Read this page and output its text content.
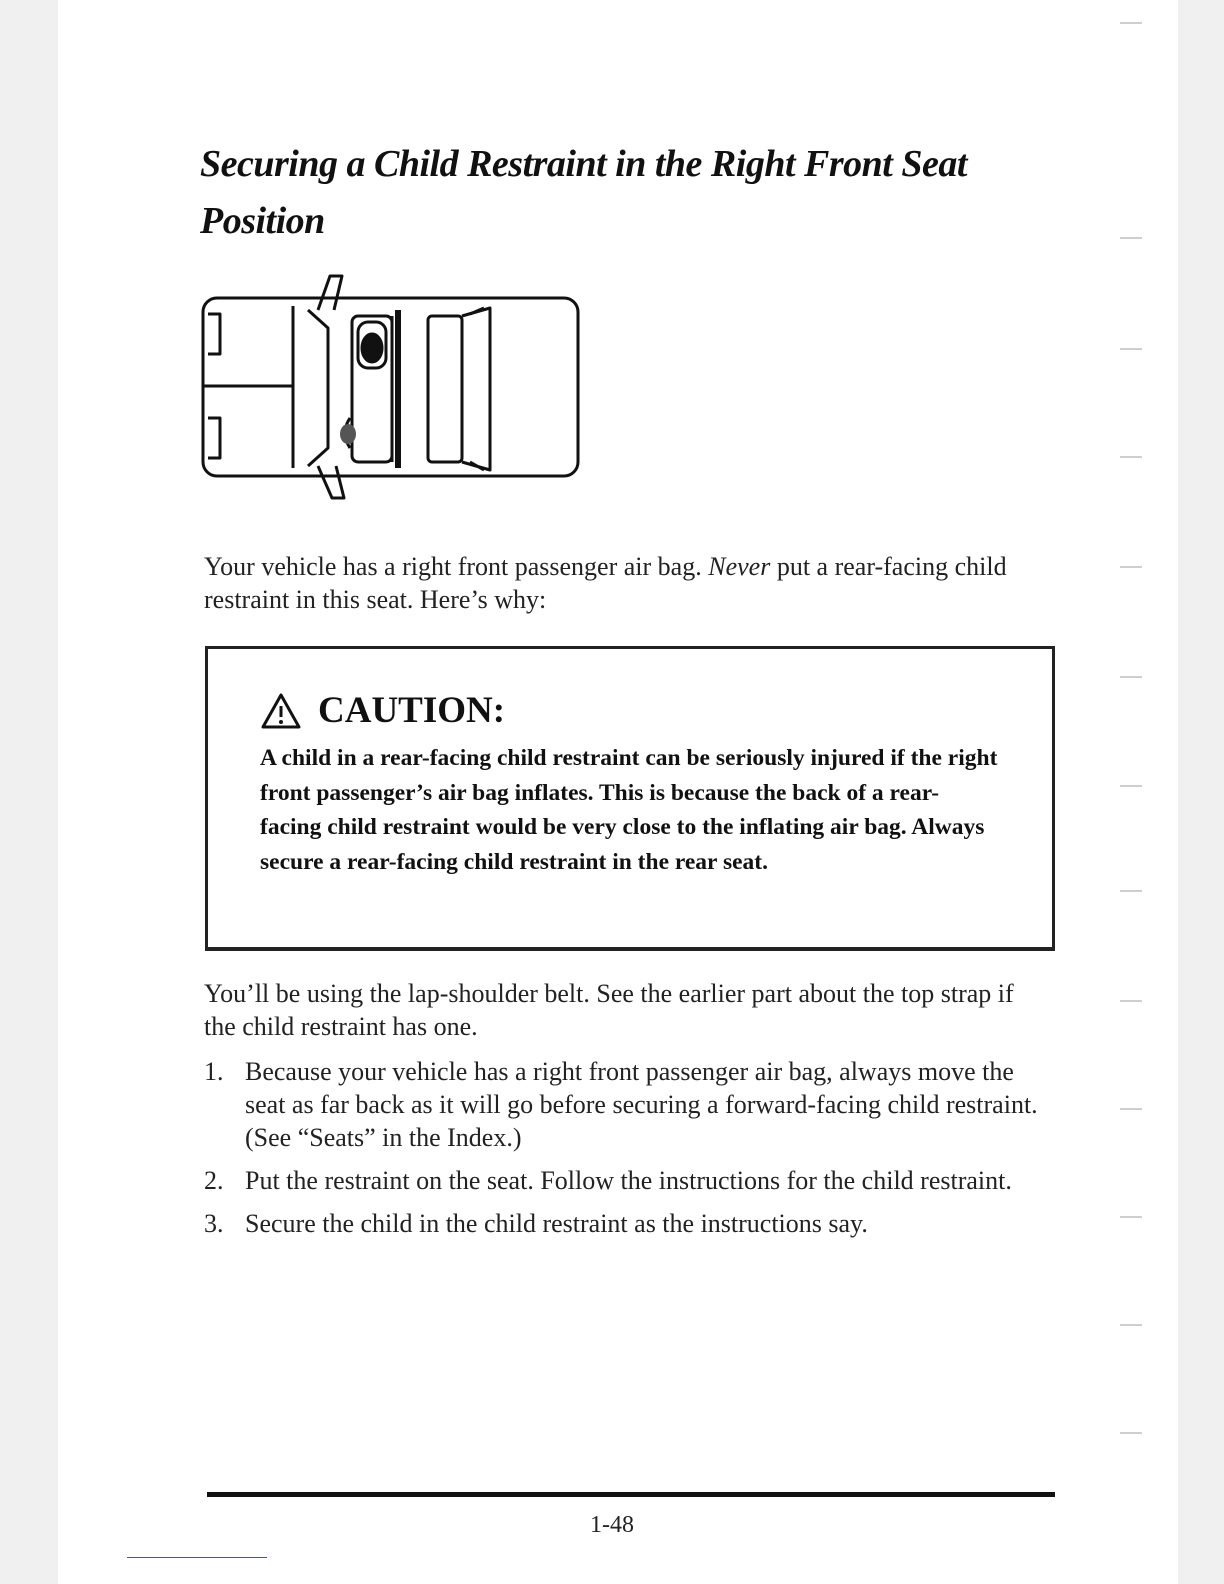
Securing a Child Restraint in the Right Front Seat Position

Your vehicle has a right front passenger air bag. Never put a rear-facing child restraint in this seat. Here’s why:

CAUTION:
A child in a rear-facing child restraint can be seriously injured if the right front passenger’s air bag inflates. This is because the back of a rear-facing child restraint would be very close to the inflating air bag. Always secure a rear-facing child restraint in the rear seat.

You’ll be using the lap-shoulder belt. See the earlier part about the top strap if the child restraint has one.

1. Because your vehicle has a right front passenger air bag, always move the seat as far back as it will go before securing a forward-facing child restraint. (See “Seats” in the Index.)
2. Put the restraint on the seat. Follow the instructions for the child restraint.
3. Secure the child in the child restraint as the instructions say.
1-48
